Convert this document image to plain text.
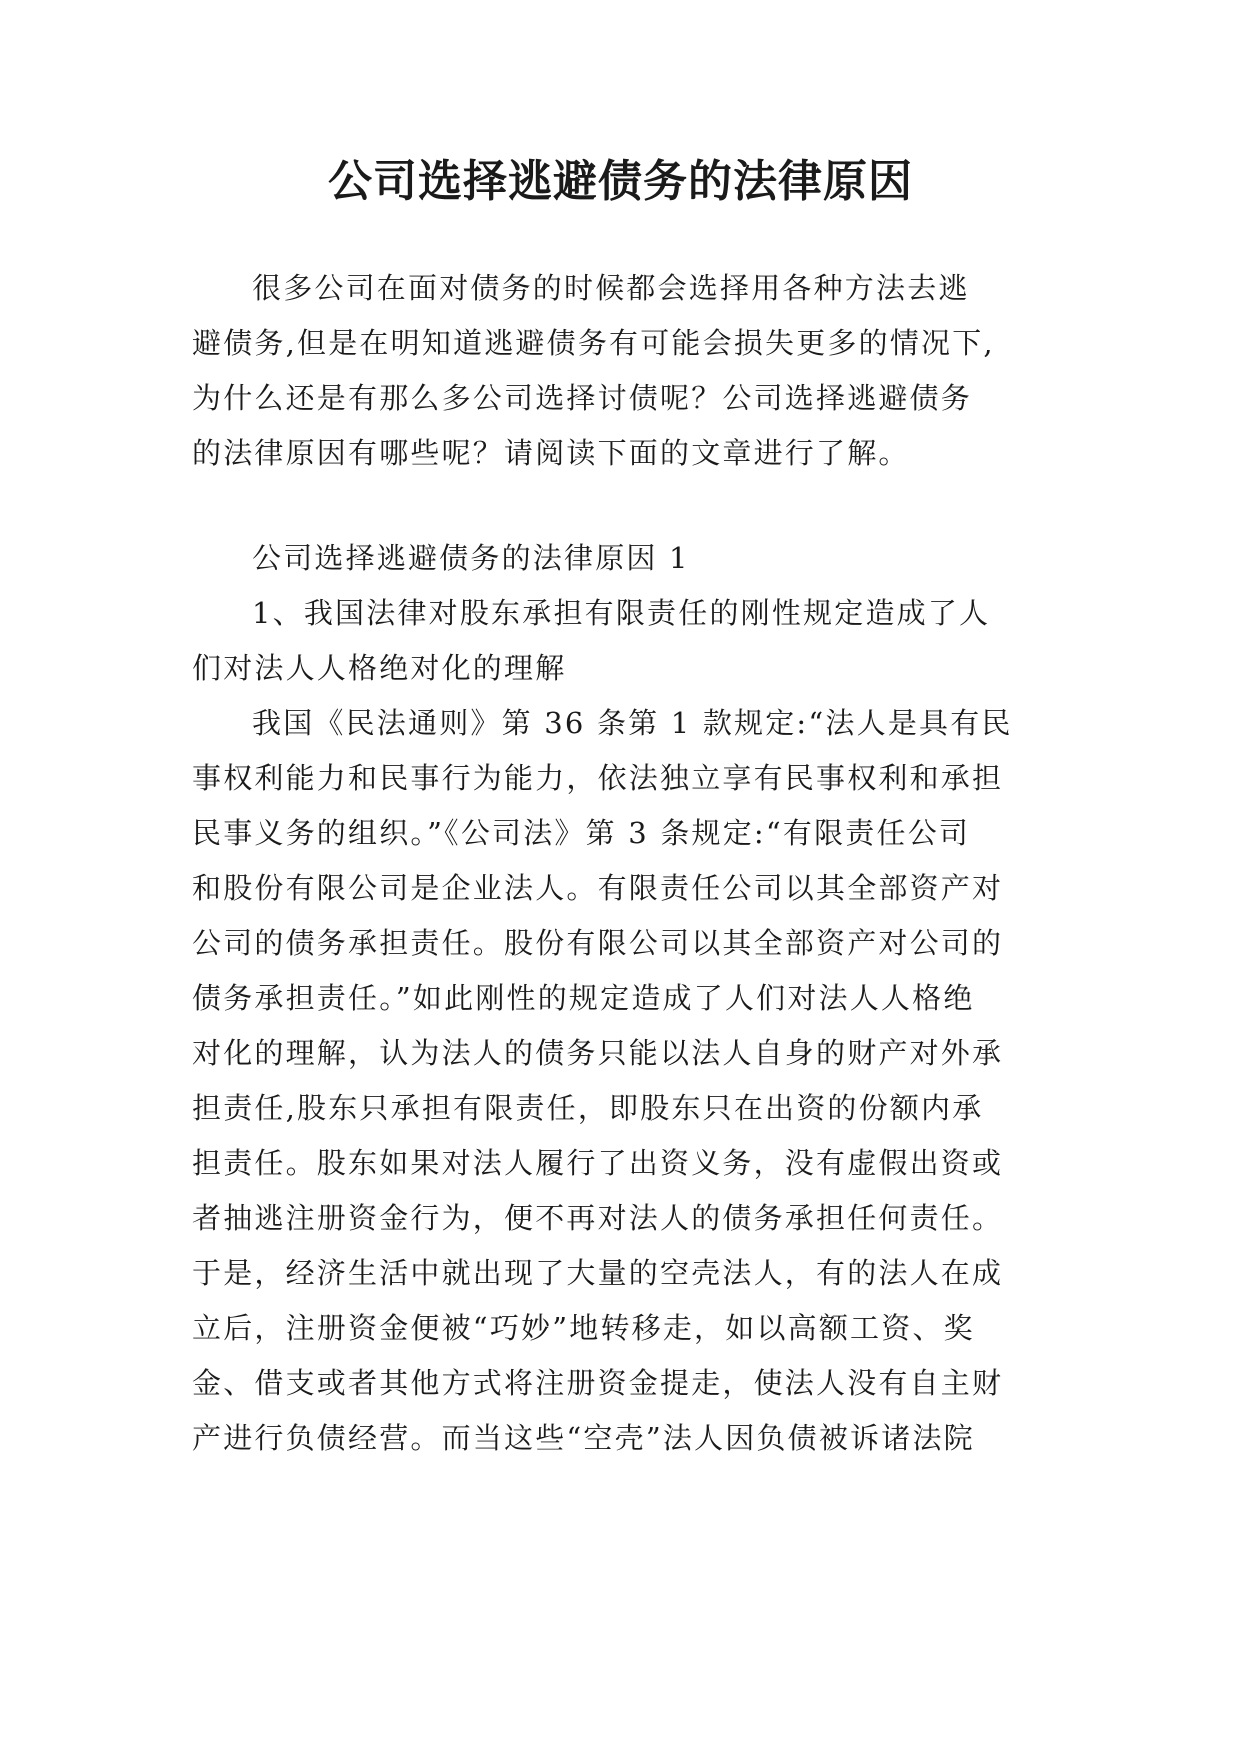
公司选择逃避债务的法律原因

很多公司在面对债务的时候都会选择用各种方法去逃

避债务,但是在明知道逃避债务有可能会损失更多的情况下,

为什么还是有那么多公司选择讨债呢？公司选择逃避债务

的法律原因有哪些呢？请阅读下面的文章进行了解。

公司选择逃避债务的法律原因 1

1、我国法律对股东承担有限责任的刚性规定造成了人

们对法人人格绝对化的理解

我国《民法通则》第 36 条第 1 款规定:“法人是具有民

事权利能力和民事行为能力，依法独立享有民事权利和承担

民事义务的组织。”《公司法》第 3 条规定:“有限责任公司

和股份有限公司是企业法人。有限责任公司以其全部资产对

公司的债务承担责任。股份有限公司以其全部资产对公司的

债务承担责任。”如此刚性的规定造成了人们对法人人格绝

对化的理解，认为法人的债务只能以法人自身的财产对外承

担责任,股东只承担有限责任，即股东只在出资的份额内承

担责任。股东如果对法人履行了出资义务，没有虚假出资或

者抽逃注册资金行为，便不再对法人的债务承担任何责任。

于是，经济生活中就出现了大量的空壳法人，有的法人在成

立后，注册资金便被“巧妙”地转移走，如以高额工资、奖

金、借支或者其他方式将注册资金提走，使法人没有自主财

产进行负债经营。而当这些“空壳”法人因负债被诉诸法院
